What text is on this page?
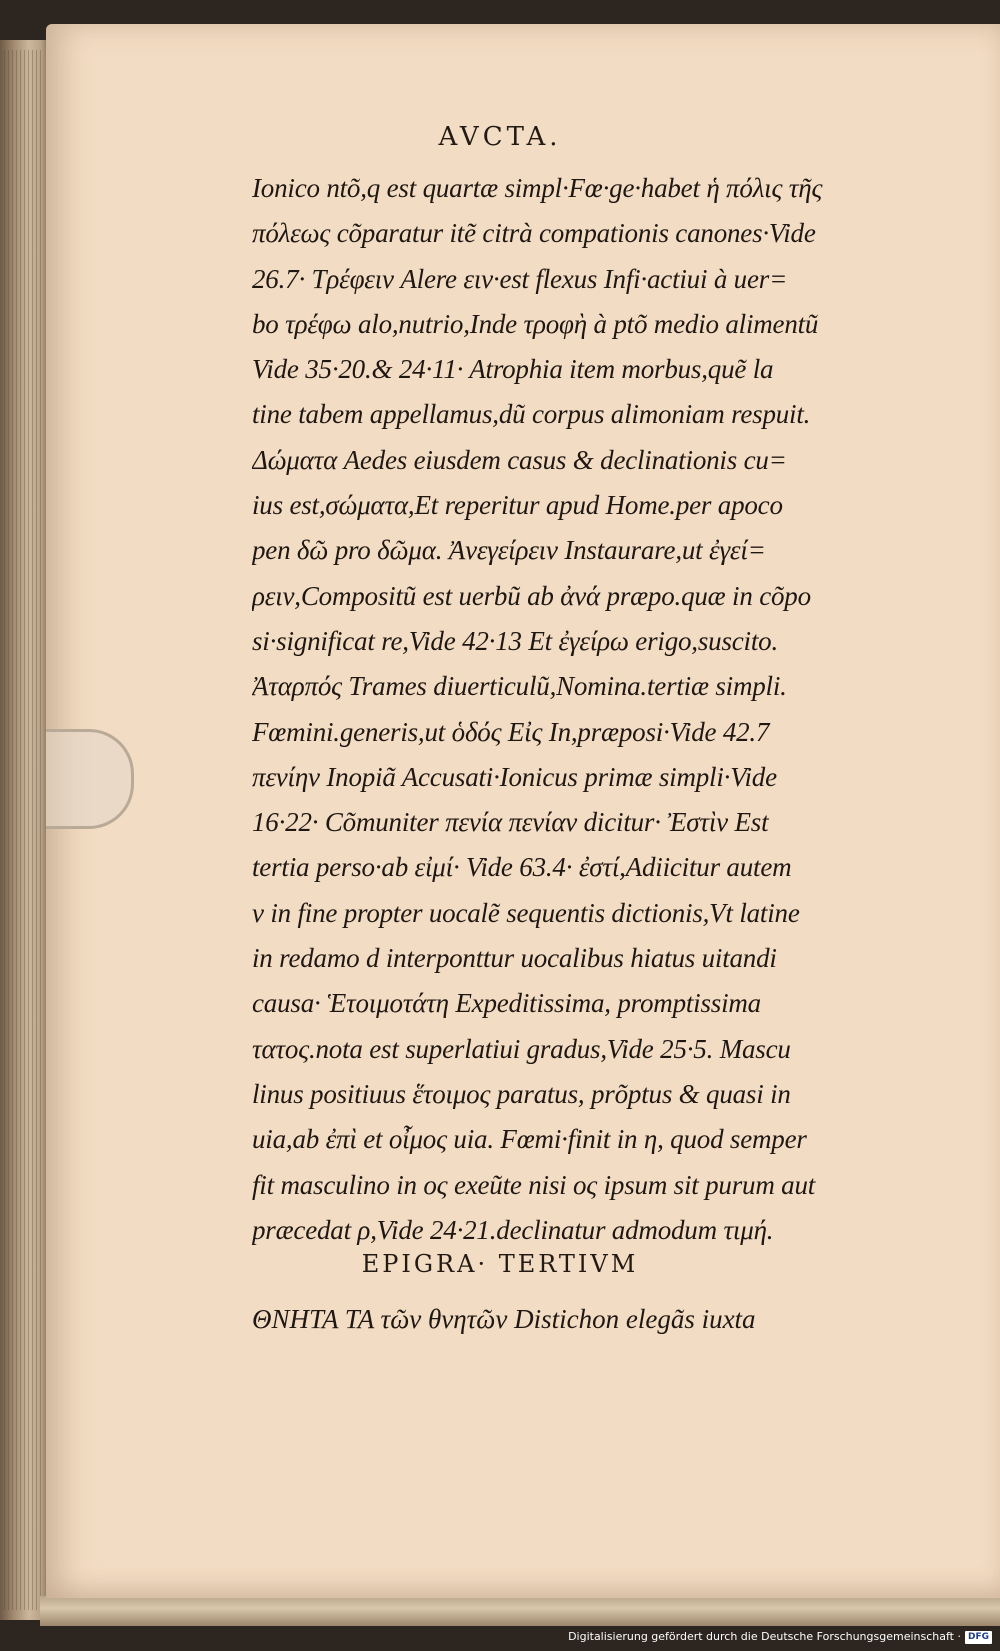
AVCTA.
Ionico ntõ,q est quartæ simpl·Fœ·ge·habet ἡ πόλις τῆς
πόλεως cõparatur itẽ citrà compationis canones·Vide
26.7· Τρέφειν Alere ειν·est flexus Infi·actiui à uer=
bo τρέφω alo,nutrio,Inde τροφὴ à ptõ medio alimentũ
Vide 35·20.& 24·11· Atrophia item morbus,quẽ la
tine tabem appellamus,dũ corpus alimoniam respuit.
Δώματα Aedes eiusdem casus & declinationis cu=
ius est,σώματα,Et reperitur apud Home.per apoco
pen δῶ pro δῶμα. Ἀνεγείρειν Instaurare,ut ἐγεί=
ρειν,Compositũ est uerbũ ab ἀνά præpo.quæ in cõpo
si·significat re,Vide 42·13 Et ἐγείρω erigo,suscito.
Ἀταρπός Trames diuerticulũ,Nomina.tertiæ simpli.
Fœmini.generis,ut ὁδός Εἰς In,præposi·Vide 42.7
πενίην Inopiã Accusati·Ionicus primæ simpli·Vide
16·22· Cõmuniter πενία πενίαν dicitur· Ἐστὶν Est
tertia perso·ab εἰμί· Vide 63.4· ἐστί,Adiicitur autem
ν in fine propter uocalẽ sequentis dictionis,Vt latine
in redamo d interponttur uocalibus hiatus uitandi
causa· Ἑτοιμοτάτη Expeditissima, promptissima
τατος.nota est superlatiui gradus,Vide 25·5. Mascu
linus positiuus ἕτοιμος paratus, prõptus & quasi in
uia,ab ἐπὶ et οἶμος uia. Fœmi·finit in η, quod semper
fit masculino in ος exeũte nisi ος ipsum sit purum aut
præcedat ρ,Vide 24·21.declinatur admodum τιμή.
EPIGRA· TERTIVM
ΘΝΗΤΑ ΤΑ τῶν θνητῶν Distichon elegãs iuxta
Digitalisierung gefördert durch die Deutsche Forschungsgemeinschaft · DFG
